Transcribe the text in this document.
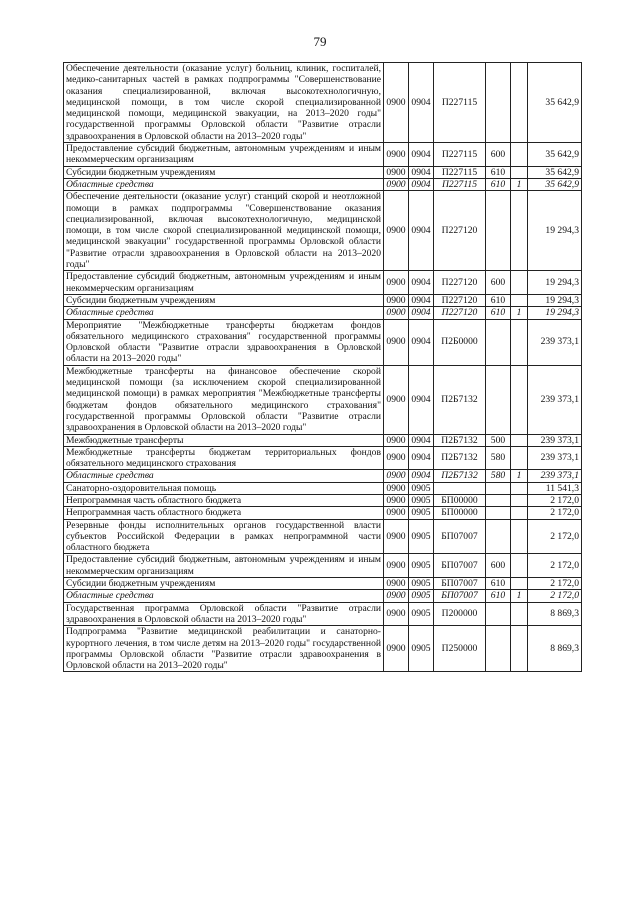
79
Обеспечение деятельности (оказание услуг) больниц, клиник, госпиталей, медико-санитарных частей в рамках подпрограммы "Совершенствование оказания специализированной, включая высокотехнологичную, медицинской помощи, в том числе скорой специализированной медицинской помощи, медицинской эвакуации, на 2013–2020 годы" государственной программы Орловской области "Развитие отрасли здравоохранения в Орловской области на 2013–2020 годы"	0900	0904	П227115			35 642,9
Предоставление субсидий бюджетным, автономным учреждениям и иным некоммерческим организациям	0900	0904	П227115	600		35 642,9
Субсидии бюджетным учреждениям	0900	0904	П227115	610		35 642,9
Областные средства	0900	0904	П227115	610	1	35 642,9
Обеспечение деятельности (оказание услуг) станций скорой и неотложной помощи в рамках подпрограммы "Совершенствование оказания специализированной, включая высокотехнологичную, медицинской помощи, в том числе скорой специализированной медицинской помощи, медицинской эвакуации" государственной программы Орловской области "Развитие отрасли здравоохранения в Орловской области на 2013–2020 годы"	0900	0904	П227120			19 294,3
Предоставление субсидий бюджетным, автономным учреждениям и иным некоммерческим организациям	0900	0904	П227120	600		19 294,3
Субсидии бюджетным учреждениям	0900	0904	П227120	610		19 294,3
Областные средства	0900	0904	П227120	610	1	19 294,3
Мероприятие "Межбюджетные трансферты бюджетам фондов обязательного медицинского страхования" государственной программы Орловской области "Развитие отрасли здравоохранения в Орловской области на 2013–2020 годы"	0900	0904	П2Б0000			239 373,1
Межбюджетные трансферты на финансовое обеспечение скорой медицинской помощи (за исключением скорой специализированной медицинской помощи) в рамках мероприятия "Межбюджетные трансферты бюджетам фондов обязательного медицинского страхования" государственной программы Орловской области "Развитие отрасли здравоохранения в Орловской области на 2013–2020 годы"	0900	0904	П2Б7132			239 373,1
Межбюджетные трансферты	0900	0904	П2Б7132	500		239 373,1
Межбюджетные трансферты бюджетам территориальных фондов обязательного медицинского страхования	0900	0904	П2Б7132	580		239 373,1
Областные средства	0900	0904	П2Б7132	580	1	239 373,1
Санаторно-оздоровительная помощь	0900	0905				11 541,3
Непрограммная часть областного бюджета	0900	0905	БП00000			2 172,0
Непрограммная часть областного бюджета	0900	0905	БП00000			2 172,0
Резервные фонды исполнительных органов государственной власти субъектов Российской Федерации в рамках непрограммной части областного бюджета	0900	0905	БП07007			2 172,0
Предоставление субсидий бюджетным, автономным учреждениям и иным некоммерческим организациям	0900	0905	БП07007	600		2 172,0
Субсидии бюджетным учреждениям	0900	0905	БП07007	610		2 172,0
Областные средства	0900	0905	БП07007	610	1	2 172,0
Государственная программа Орловской области "Развитие отрасли здравоохранения в Орловской области на 2013–2020 годы"	0900	0905	П200000			8 869,3
Подпрограмма "Развитие медицинской реабилитации и санаторно-курортного лечения, в том числе детям на 2013–2020 годы" государственной программы Орловской области "Развитие отрасли здравоохранения в Орловской области на 2013–2020 годы"	0900	0905	П250000			8 869,3
